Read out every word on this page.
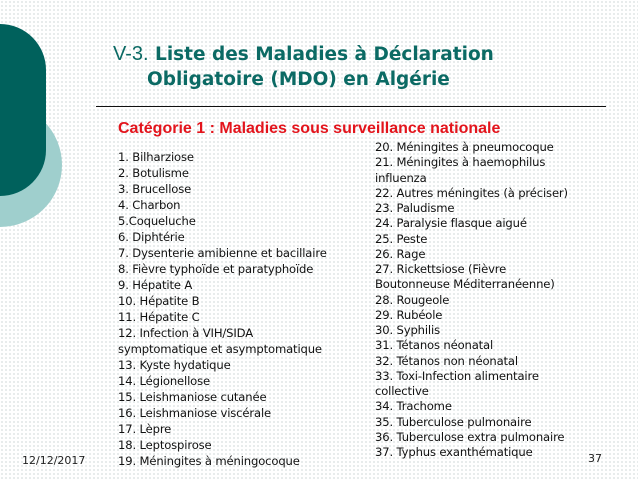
V-3. Liste des Maladies à Déclaration
Obligatoire (MDO) en Algérie
Catégorie 1 : Maladies sous surveillance nationale
1. Bilharziose
2. Botulisme
3. Brucellose
4. Charbon
5.Coqueluche
6. Diphtérie
7. Dysenterie amibienne et bacillaire
8. Fièvre typhoïde et paratyphoïde
9. Hépatite A
10. Hépatite B
11. Hépatite C
12. Infection à VIH/SIDA
symptomatique et asymptomatique
13. Kyste hydatique
14. Légionellose
15. Leishmaniose cutanée
16. Leishmaniose viscérale
17. Lèpre
18. Leptospirose
19. Méningites à méningocoque
20. Méningites à pneumocoque
21. Méningites à haemophilus
influenza
22. Autres méningites (à préciser)
23. Paludisme
24. Paralysie flasque aigué
25. Peste
26. Rage
27. Rickettsiose (Fièvre
Boutonneuse Méditerranéenne)
28. Rougeole
29. Rubéole
30. Syphilis
31. Tétanos néonatal
32. Tétanos non néonatal
33. Toxi-Infection alimentaire
collective
34. Trachome
35. Tuberculose pulmonaire
36. Tuberculose extra pulmonaire
37. Typhus exanthématique
12/12/2017	37
